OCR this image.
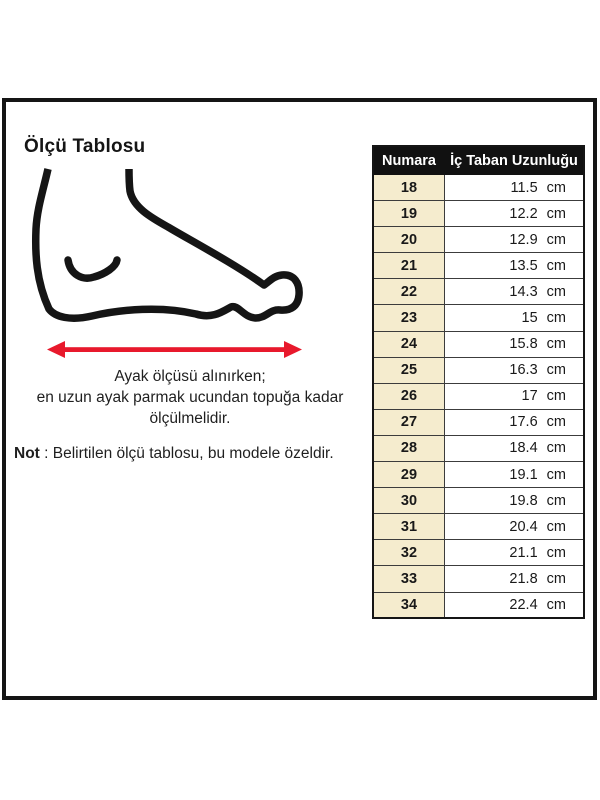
Ölçü Tablosu
Ayak ölçüsü alınırken;
en uzun ayak parmak ucundan topuğa kadar
ölçülmelidir.
Not : Belirtilen ölçü tablosu, bu modele özeldir.
Numara	İç Taban Uzunluğu
18	11.5 cm
19	12.2 cm
20	12.9 cm
21	13.5 cm
22	14.3 cm
23	15 cm
24	15.8 cm
25	16.3 cm
26	17 cm
27	17.6 cm
28	18.4 cm
29	19.1 cm
30	19.8 cm
31	20.4 cm
32	21.1 cm
33	21.8 cm
34	22.4 cm
